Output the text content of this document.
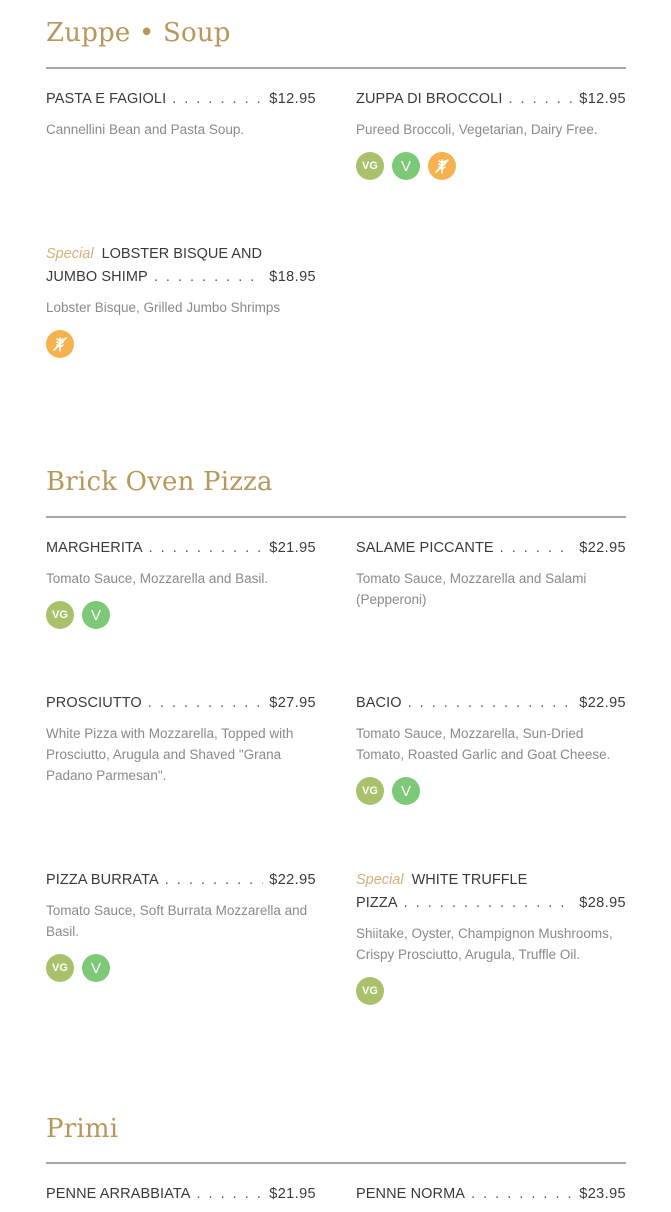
Zuppe • Soup
PASTA E FAGIOLI . . .	$12.95
Cannellini Bean and Pasta Soup.
ZUPPA DI BROCCOLI . . .	$12.95
Pureed Broccoli, Vegetarian, Dairy Free.
VG	V
Special LOBSTER BISQUE AND
JUMBO SHIMP . . .	$18.95
Lobster Bisque, Grilled Jumbo Shrimps
Brick Oven Pizza
MARGHERITA . . .	$21.95
Tomato Sauce, Mozzarella and Basil.
VG	V
SALAME PICCANTE . . .	$22.95
Tomato Sauce, Mozzarella and Salami (Pepperoni)
PROSCIUTTO . . .	$27.95
White Pizza with Mozzarella, Topped with Prosciutto, Arugula and Shaved "Grana Padano Parmesan".
BACIO . . .	$22.95
Tomato Sauce, Mozzarella, Sun-Dried Tomato, Roasted Garlic and Goat Cheese.
VG	V
PIZZA BURRATA . . .	$22.95
Tomato Sauce, Soft Burrata Mozzarella and Basil.
VG	V
Special WHITE TRUFFLE
PIZZA . . .	$28.95
Shiitake, Oyster, Champignon Mushrooms, Crispy Prosciutto, Arugula, Truffle Oil.
VG
Primi
PENNE ARRABBIATA . . .	$21.95	PENNE NORMA . . .	$23.95
